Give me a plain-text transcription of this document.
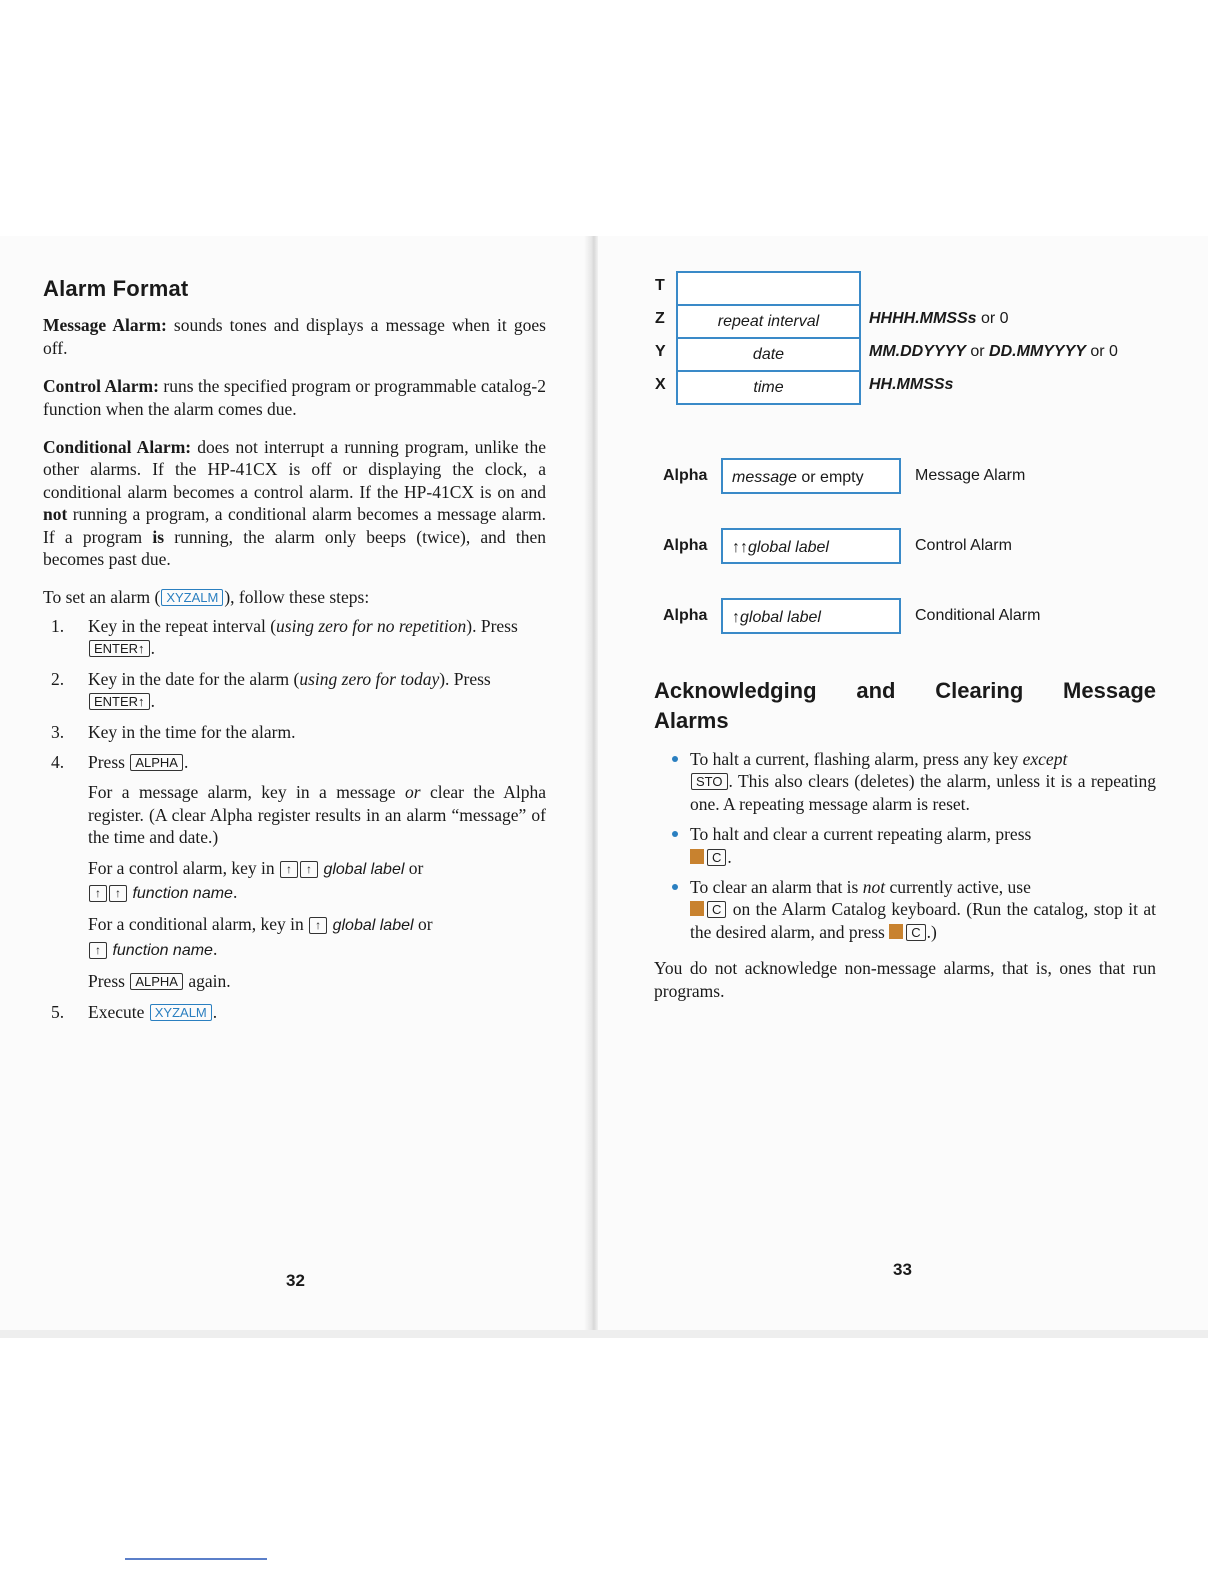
Alarm Format

Message Alarm: sounds tones and displays a message when it goes off.

Control Alarm: runs the specified program or programmable catalog-2 function when the alarm comes due.

Conditional Alarm: does not interrupt a running program, unlike the other alarms. If the HP-41CX is off or displaying the clock, a conditional alarm becomes a control alarm. If the HP-41CX is on and not running a program, a conditional alarm becomes a message alarm. If a program is running, the alarm only beeps (twice), and then becomes past due.

To set an alarm ( XYZALM ), follow these steps:

1. Key in the repeat interval (using zero for no repetition). Press ENTER↑ .
2. Key in the date for the alarm (using zero for today). Press ENTER↑ .
3. Key in the time for the alarm.
4. Press ALPHA .

For a message alarm, key in a message or clear the Alpha register. (A clear Alpha register results in an alarm “message” of the time and date.)

For a control alarm, key in ↑ ↑ global label or
↑ ↑ function name.

For a conditional alarm, key in ↑ global label or
↑ function name.

Press ALPHA again.

5. Execute XYZALM .
32
T
Z	repeat interval	HHHH.MMSSs or 0
Y	date	MM.DDYYYY or DD.MMYYYY or 0
X	time	HH.MMSSs
Alpha	message or empty	Message Alarm
Alpha	↑↑global label	Control Alarm
Alpha	↑global label	Conditional Alarm
Acknowledging and Clearing Message
Alarms
To halt a current, flashing alarm, press any key except
STO . This also clears (deletes) the alarm, unless it is a repeating one. A repeating message alarm is reset.
To halt and clear a current repeating alarm, press
C .
To clear an alarm that is not currently active, use
C on the Alarm Catalog keyboard. (Run the catalog, stop it at the desired alarm, and press C .)

You do not acknowledge non-message alarms, that is, ones that run programs.

33
